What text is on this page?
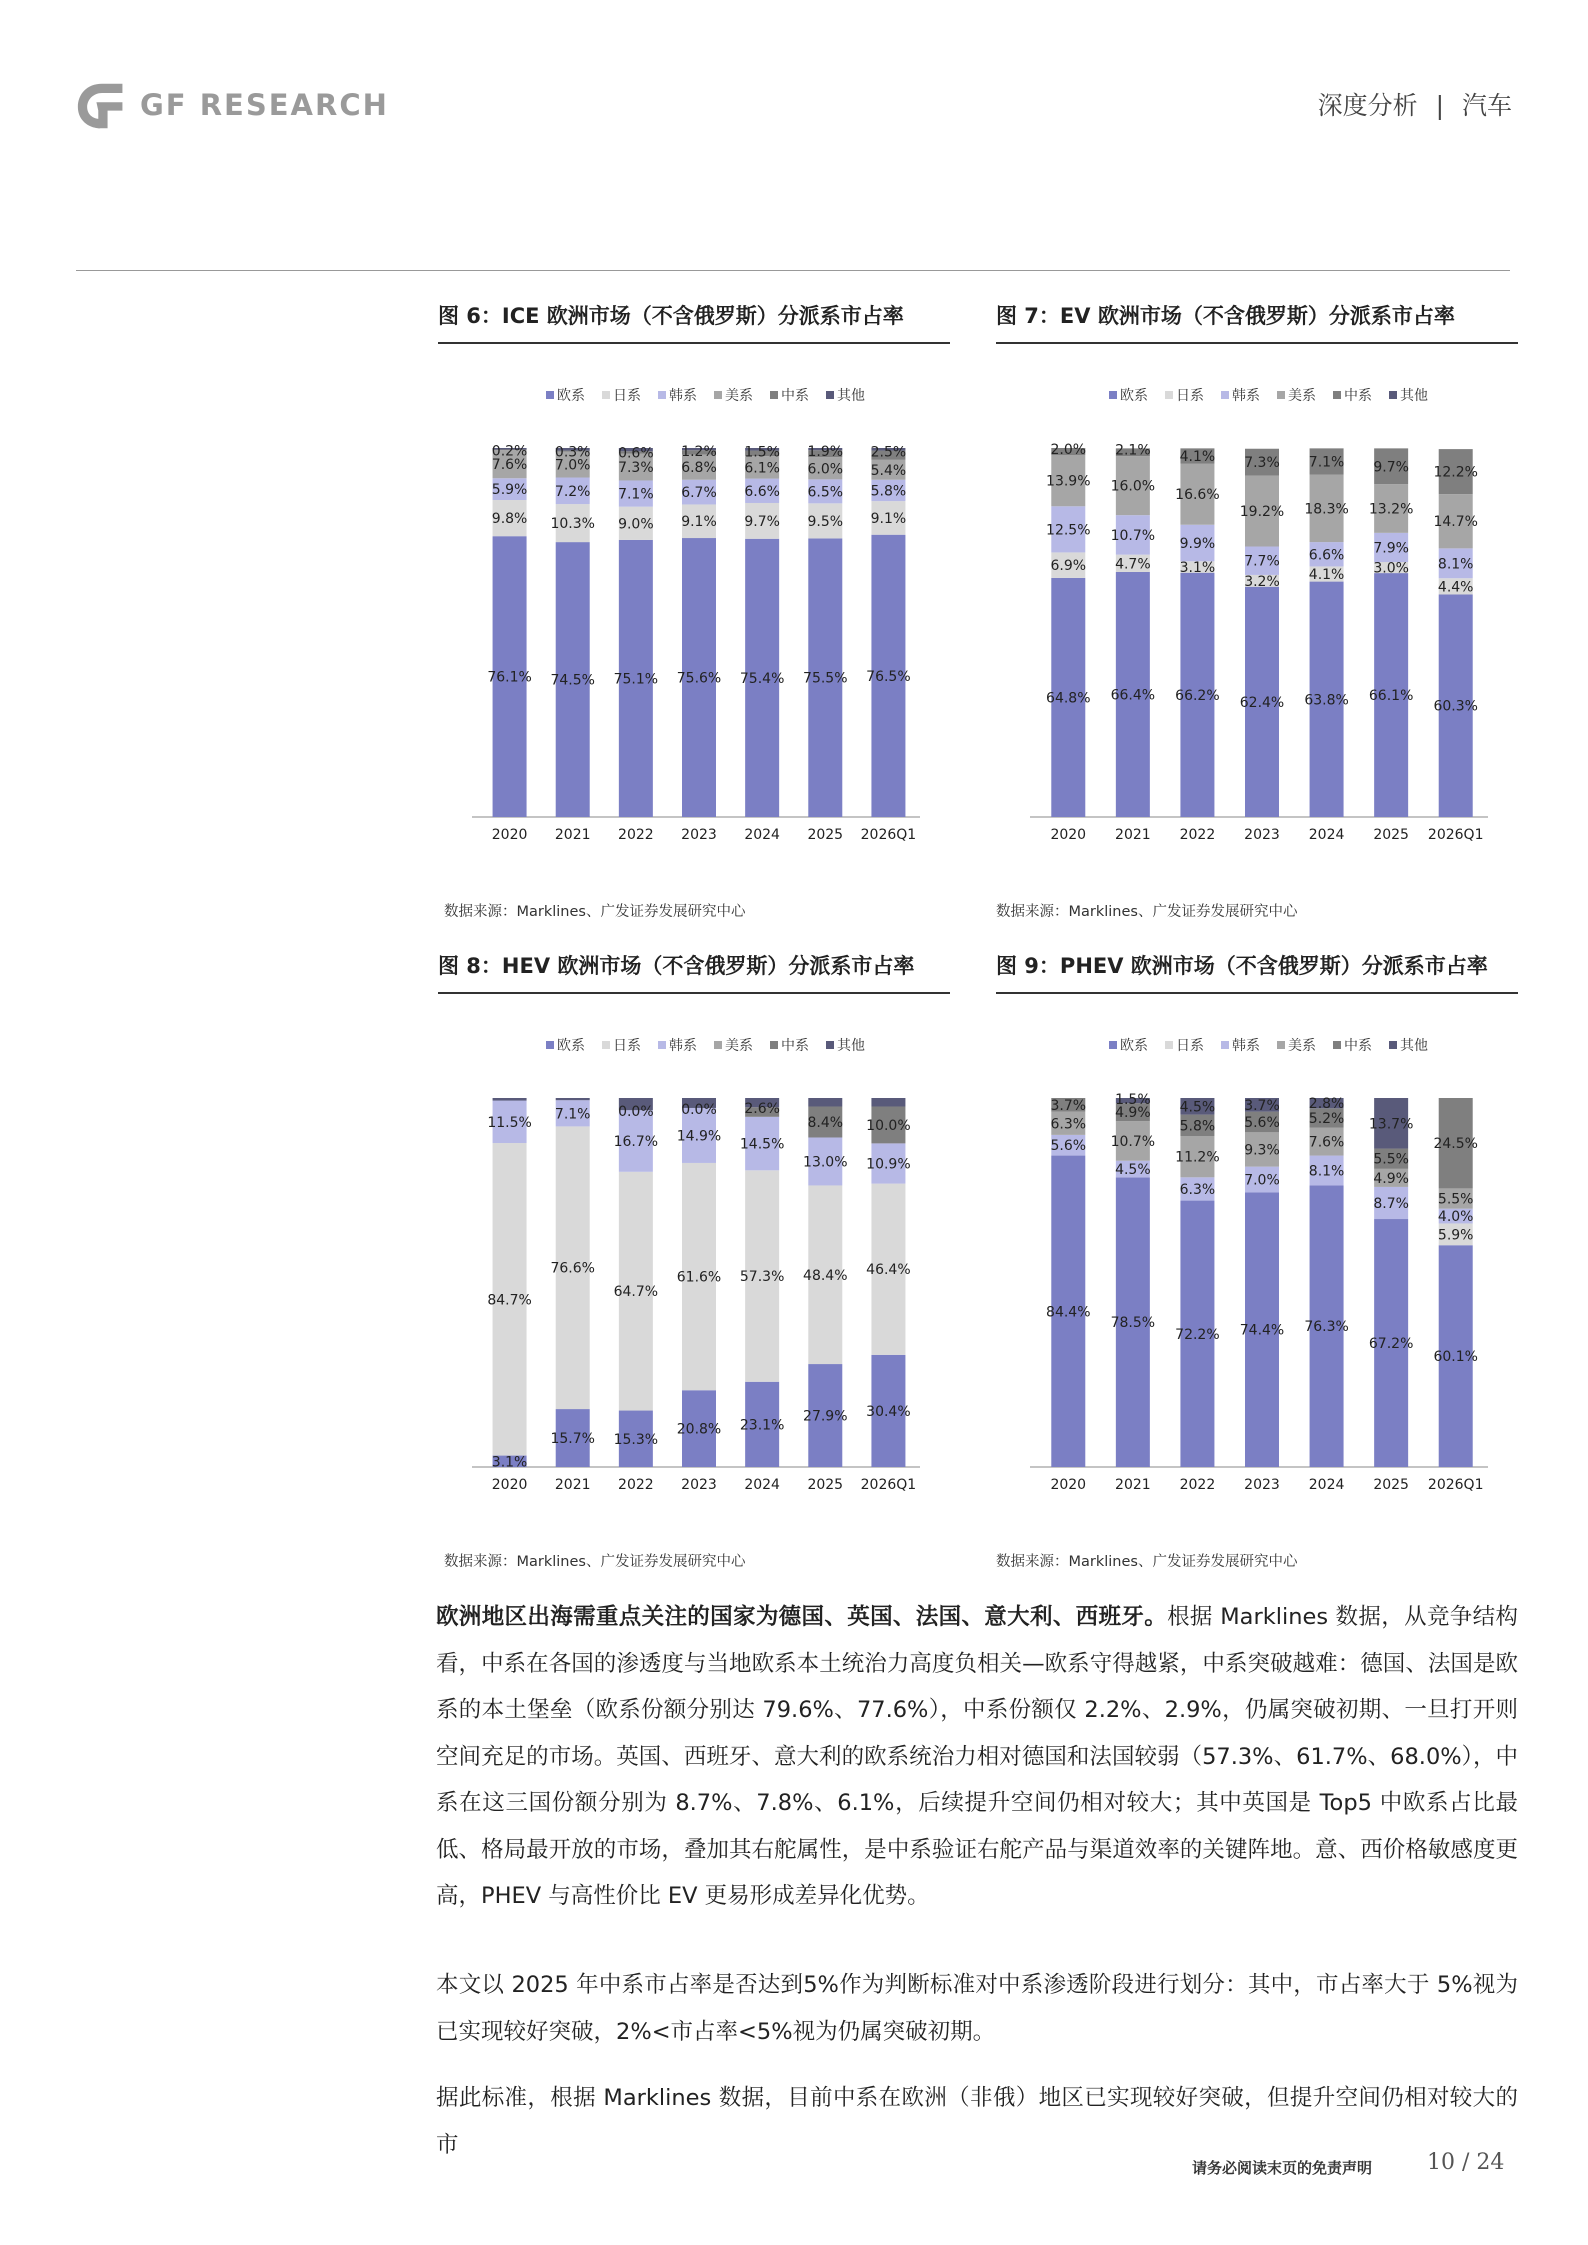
GF RESEARCH	深度分析 | 汽车
图 6：ICE 欧洲市场（不含俄罗斯）分派系市占率	图 7：EV 欧洲市场（不含俄罗斯）分派系市占率
图 8：HEV 欧洲市场（不含俄罗斯）分派系市占率	图 9：PHEV 欧洲市场（不含俄罗斯）分派系市占率
欧系 日系 韩系 美系 中系 其他
76.1%
9.8%
5.9%
7.6%
0.2%
2020
74.5%
10.3%
7.2%
7.0%
0.3%
2021
75.1%
9.0%
7.1%
7.3%
0.6%
2022
75.6%
9.1%
6.7%
6.8%
1.2%
2023
75.4%
9.7%
6.6%
6.1%
1.5%
2024
75.5%
9.5%
6.5%
6.0%
1.9%
2025
76.5%
9.1%
5.8%
5.4%
2.5%
2026Q1
欧系 日系 韩系 美系 中系 其他
64.8%
6.9%
12.5%
13.9%
2.0%
2020
66.4%
4.7%
10.7%
16.0%
2.1%
2021
66.2%
3.1%
9.9%
16.6%
4.1%
2022
62.4%
3.2%
7.7%
19.2%
7.3%
2023
63.8%
4.1%
6.6%
18.3%
7.1%
2024
66.1%
3.0%
7.9%
13.2%
9.7%
2025
60.3%
4.4%
8.1%
14.7%
12.2%
2026Q1
欧系 日系 韩系 美系 中系 其他
3.1%
84.7%
11.5%
2020
15.7%
76.6%
7.1%
2021
15.3%
64.7%
16.7%
0.0%
2022
20.8%
61.6%
14.9%
0.0%
2023
23.1%
57.3%
14.5%
2.6%
2024
27.9%
48.4%
13.0%
8.4%
2025
30.4%
46.4%
10.9%
10.0%
2026Q1
欧系 日系 韩系 美系 中系 其他
84.4%
5.6%
6.3%
3.7%
2020
78.5%
4.5%
10.7%
4.9%
1.5%
2021
72.2%
6.3%
11.2%
5.8%
4.5%
2022
74.4%
7.0%
9.3%
5.6%
3.7%
2023
76.3%
8.1%
7.6%
5.2%
2.8%
2024
67.2%
8.7%
4.9%
5.5%
13.7%
2025
60.1%
5.9%
4.0%
5.5%
24.5%
2026Q1
数据来源：Marklines、广发证券发展研究中心	数据来源：Marklines、广发证券发展研究中心
数据来源：Marklines、广发证券发展研究中心	数据来源：Marklines、广发证券发展研究中心
欧洲地区出海需重点关注的国家为德国、英国、法国、意大利、西班牙。根据 Marklines 数据，从竞争结构看，中系在各国的渗透度与当地欧系本土统治力高度负相关—欧系守得越紧，中系突破越难：德国、法国是欧系的本土堡垒（欧系份额分别达 79.6%、77.6%），中系份额仅 2.2%、2.9%，仍属突破初期、一旦打开则空间充足的市场。英国、西班牙、意大利的欧系统治力相对德国和法国较弱（57.3%、61.7%、68.0%），中系在这三国份额分别为 8.7%、7.8%、6.1%，后续提升空间仍相对较大；其中英国是 Top5 中欧系占比最低、格局最开放的市场，叠加其右舵属性，是中系验证右舵产品与渠道效率的关键阵地。意、西价格敏感度更高，PHEV 与高性价比 EV 更易形成差异化优势。
本文以 2025 年中系市占率是否达到5%作为判断标准对中系渗透阶段进行划分：其中，市占率大于 5%视为已实现较好突破，2%<市占率<5%视为仍属突破初期。
据此标准，根据 Marklines 数据，目前中系在欧洲（非俄）地区已实现较好突破，但提升空间仍相对较大的市
请务必阅读末页的免责声明 10 / 24
